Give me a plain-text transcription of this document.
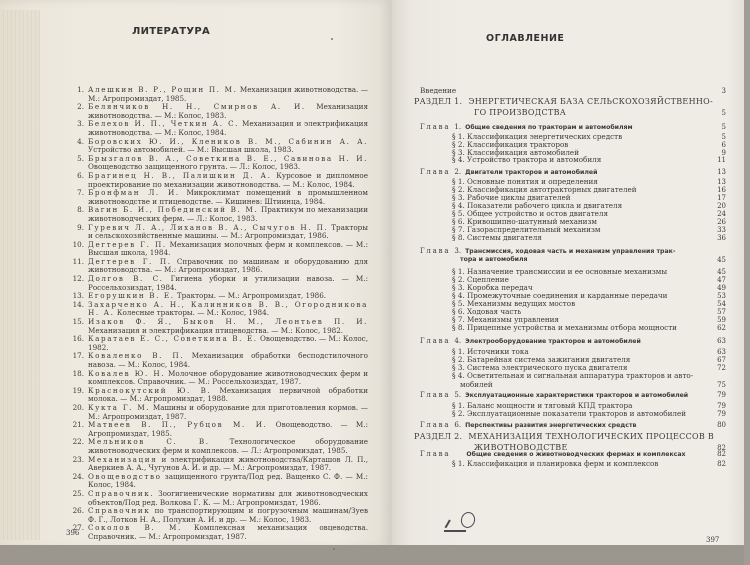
ЛИТЕРАТУРА
1. Алешкин В. Р., Рощин П. М. Механизация животноводства. — М.: Агропромиздат, 1985.
2. Белянчиков Н. Н., Смирнов А. И. Механизация животноводства. — М.: Колос, 1983.
3. Белехов И. П., Четкин А. С. Механизация и электрификация животноводства. — М.: Колос, 1984.
4. Боровских Ю. И., Клеников В. М., Сабинин А. А. Устройство автомобилей. — М.: Высшая школа, 1983.
5. Брызгалов В. А., Советкина В. Е., Савинова Н. И. Овощеводство защищенного грунта. — Л.: Колос, 1983.
6. Брагинец Н. В., Палишкин Д. А. Курсовое и дипломное проектирование по механизации животноводства. — М.: Колос, 1984.
7. Бронфман Л. И. Микроклимат помещений в промышленном животноводстве и птицеводстве. — Кишинев: Штиинца, 1984.
8. Вагин Б. И., Побединский В. М. Практикум по механизации животноводческих ферм. — Л.: Колос, 1983.
9. Гуревич Л. А., Лиханов В. А., Сычугов Н. П. Тракторы и сельскохозяйственные машины. — М.: Агропромиздат, 1986.
10. Дегтерев Г. П. Механизация молочных ферм и комплексов. — М.: Высшая школа, 1984.
11. Дегтерев Г. П. Справочник по машинам и оборудованию для животноводства. — М.: Агропромиздат, 1986.
12. Долгов В. С. Гигиена уборки и утилизации навоза. — М.: Россельхозиздат, 1984.
13. Егорушкин В. Е. Тракторы. — М.: Агропромиздат, 1986.
14. Захарченко А. Н., Калинников В. В., Огородникова Н. А. Колесные тракторы. — М.: Колос, 1984.
15. Изаков Ф. Я., Быков Н. М., Леонтьев П. И. Механизация и электрификация птицеводства. — М.: Колос, 1982.
16. Каратаев Е. С., Советкина В. Е. Овощеводство. — М.: Колос, 1982.
17. Коваленко В. П. Механизация обработки бесподстилочного навоза. — М.: Колос, 1984.
18. Ковалев Ю. Н. Молочное оборудование животноводческих ферм и комплексов. Справочник. — М.: Россельхозиздат, 1987.
19. Краснокутский Ю. В. Механизация первичной обработки молока. — М.: Агропромиздат, 1988.
20. Кукта Г. М. Машины и оборудование для приготовления кормов. — М.: Агропромиздат, 1987.
21. Матвеев В. П., Рубцов М. И. Овощеводство. — М.: Агропромиздат, 1985.
22. Мельников С. В.	Технологическое оборудование животноводческих ферм и комплексов. — Л.: Агропромиздат, 1985.
23. Механизация и электрификация животноводства/Карташов Л. П., Аверкиев А. А., Чугунов А. И. и др. — М.: Агропромиздат, 1987.
24. Овощеводство защищенного грунта/Под ред. Ващенко С. Ф. — М.: Колос, 1984.
25. Справочник. Зоогигиенические нормативы для животноводческих объектов/Под ред. Волкова Г. К. — М.: Агропромиздат, 1986.
26. Справочник по транспортирующим и погрузочным машинам/Зуев Ф. Г., Лотков Н. А., Полухин А. И. и др. — М.: Колос, 1983.
27. Соколов В. М. Комплексная механизация овцеводства. Справочник. — М.: Агропромиздат, 1987.
396
ОГЛАВЛЕНИЕ
Введение	3
РАЗДЕЛ 1. ЭНЕРГЕТИЧЕСКАЯ БАЗА СЕЛЬСКОХОЗЯЙСТВЕННО-
ГО ПРОИЗВОДСТВА	5
Глава 1. Общие сведения по тракторам и автомобилям	5
§ 1. Классификация энергетических средств	5
§ 2. Классификация тракторов	6
§ 3. Классификация автомобилей	9
§ 4. Устройство трактора и автомобиля	11
Глава 2. Двигатели тракторов и автомобилей	13
§ 1. Основные понятия и определения	13
§ 2. Классификация автотракторных двигателей	16
§ 3. Рабочие циклы двигателей	17
§ 4. Показатели рабочего цикла и двигателя	20
§ 5. Общее устройство и остов двигателя	24
§ 6. Кривошипно-шатунный механизм	26
§ 7. Газораспределительный механизм	33
§ 8. Системы двигателя	36
Глава 3. Трансмиссия, ходовая часть и механизм управления трак-
тора и автомобиля	45
§ 1. Назначение трансмиссии и ее основные механизмы	45
§ 2. Сцепление	47
§ 3. Коробка передач	49
§ 4. Промежуточные соединения и карданные передачи	53
§ 5. Механизмы ведущих мостов	54
§ 6. Ходовая часть	57
§ 7. Механизмы управления	59
§ 8. Прицепные устройства и механизмы отбора мощности	62
Глава 4. Электрооборудование тракторов и автомобилей	63
§ 1. Источники тока	63
§ 2. Батарейная система зажигания двигателя	67
§ 3. Система электрического пуска двигателя	72
§ 4. Осветительная и сигнальная аппаратура тракторов и авто-
мобилей	75
Глава 5. Эксплуатационные характеристики тракторов и автомобилей	79
§ 1. Баланс мощности и тяговый КПД трактора	79
§ 2. Эксплуатационные показатели тракторов и автомобилей	79
Глава 6. Перспективы развития энергетических средств	80
РАЗДЕЛ 2. МЕХАНИЗАЦИЯ ТЕХНОЛОГИЧЕСКИХ ПРОЦЕССОВ В
ЖИВОТНОВОДСТВЕ	82
Глава	Общие сведения о животноводческих фермах и комплексах	82
§ 1. Классификация и планировка ферм и комплексов	82
397
